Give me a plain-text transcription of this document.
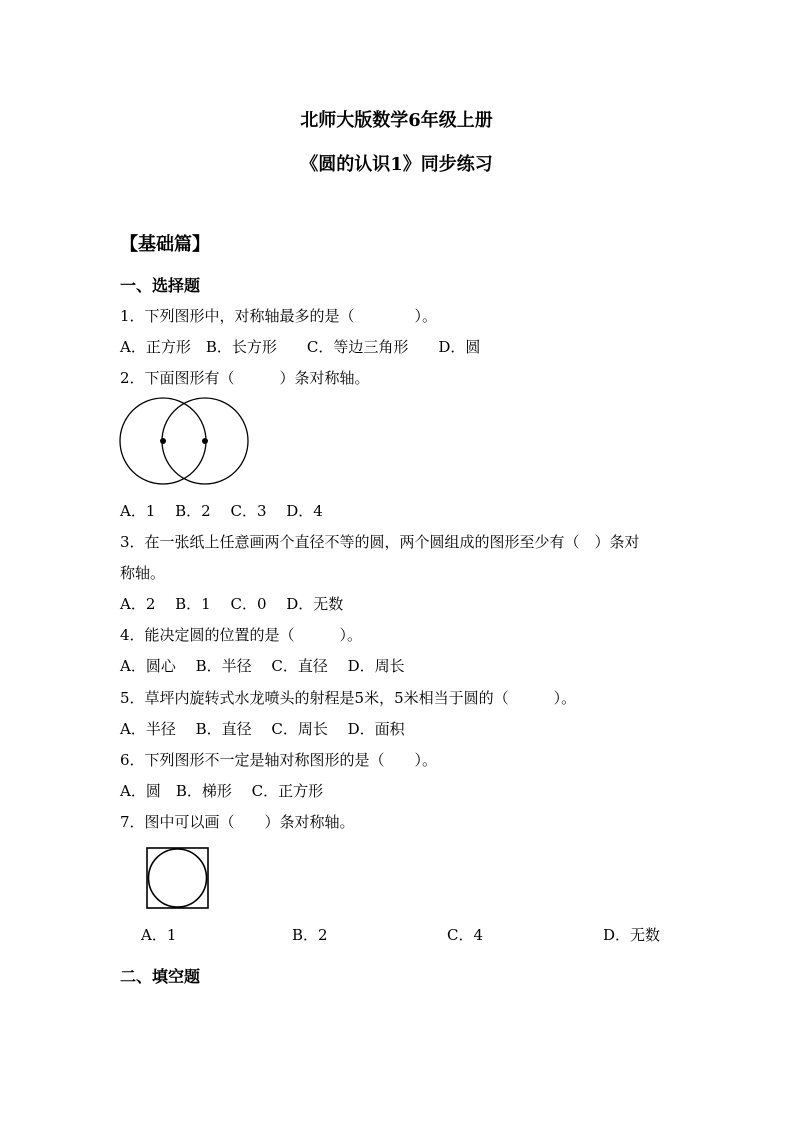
北师大版数学6年级上册
《圆的认识1》同步练习
【基础篇】
一、选择题
1．下列图形中，对称轴最多的是（　　　　）。
A．正方形　B．长方形　　C．等边三角形　　D．圆
2．下面图形有（　　　）条对称轴。
A．1　 B．2　 C．3　 D．4
3．在一张纸上任意画两个直径不等的圆，两个圆组成的图形至少有（　）条对
称轴。
A．2　 B．1　 C．0　 D．无数
4．能决定圆的位置的是（　　　）。
A．圆心　 B．半径　 C．直径　 D．周长
5．草坪内旋转式水龙喷头的射程是5米，5米相当于圆的（　　　）。
A．半径　 B．直径　 C．周长　 D．面积
6．下列图形不一定是轴对称图形的是（　　）。
A．圆　B．梯形　 C．正方形
7．图中可以画（　　）条对称轴。
A．1	B．2	C．4	D．无数
二、填空题
